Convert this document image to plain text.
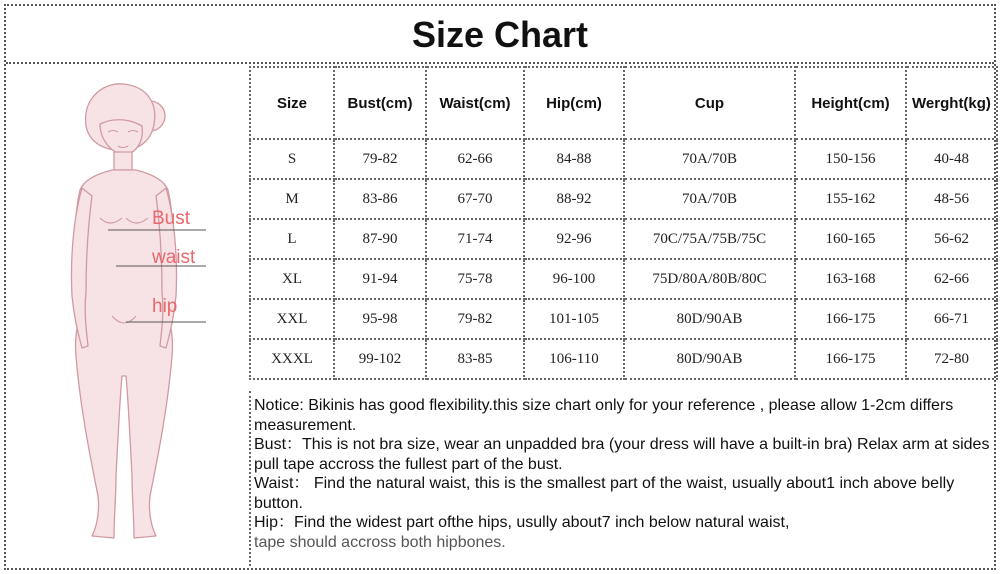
Size Chart
Bust
waist
hip
Size	Bust(cm)	Waist(cm)	Hip(cm)	Cup	Height(cm)	Werght(kg)
S	79-82	62-66	84-88	70A/70B	150-156	40-48
M	83-86	67-70	88-92	70A/70B	155-162	48-56
L	87-90	71-74	92-96	70C/75A/75B/75C	160-165	56-62
XL	91-94	75-78	96-100	75D/80A/80B/80C	163-168	62-66
XXL	95-98	79-82	101-105	80D/90AB	166-175	66-71
XXXL	99-102	83-85	106-110	80D/90AB	166-175	72-80

Notice: Bikinis has good flexibility.this size chart only for your reference , please allow 1-2cm differs measurement.

Bust：This is not bra size, wear an unpadded bra (your dress will have a built-in bra) Relax arm at sides pull tape accross the fullest part of the bust.

Waist： Find the natural waist, this is the smallest part of the waist, usually about1 inch above belly button.

Hip：Find the widest part ofthe hips, usully about7 inch below natural waist,

tape should accross both hipbones.
